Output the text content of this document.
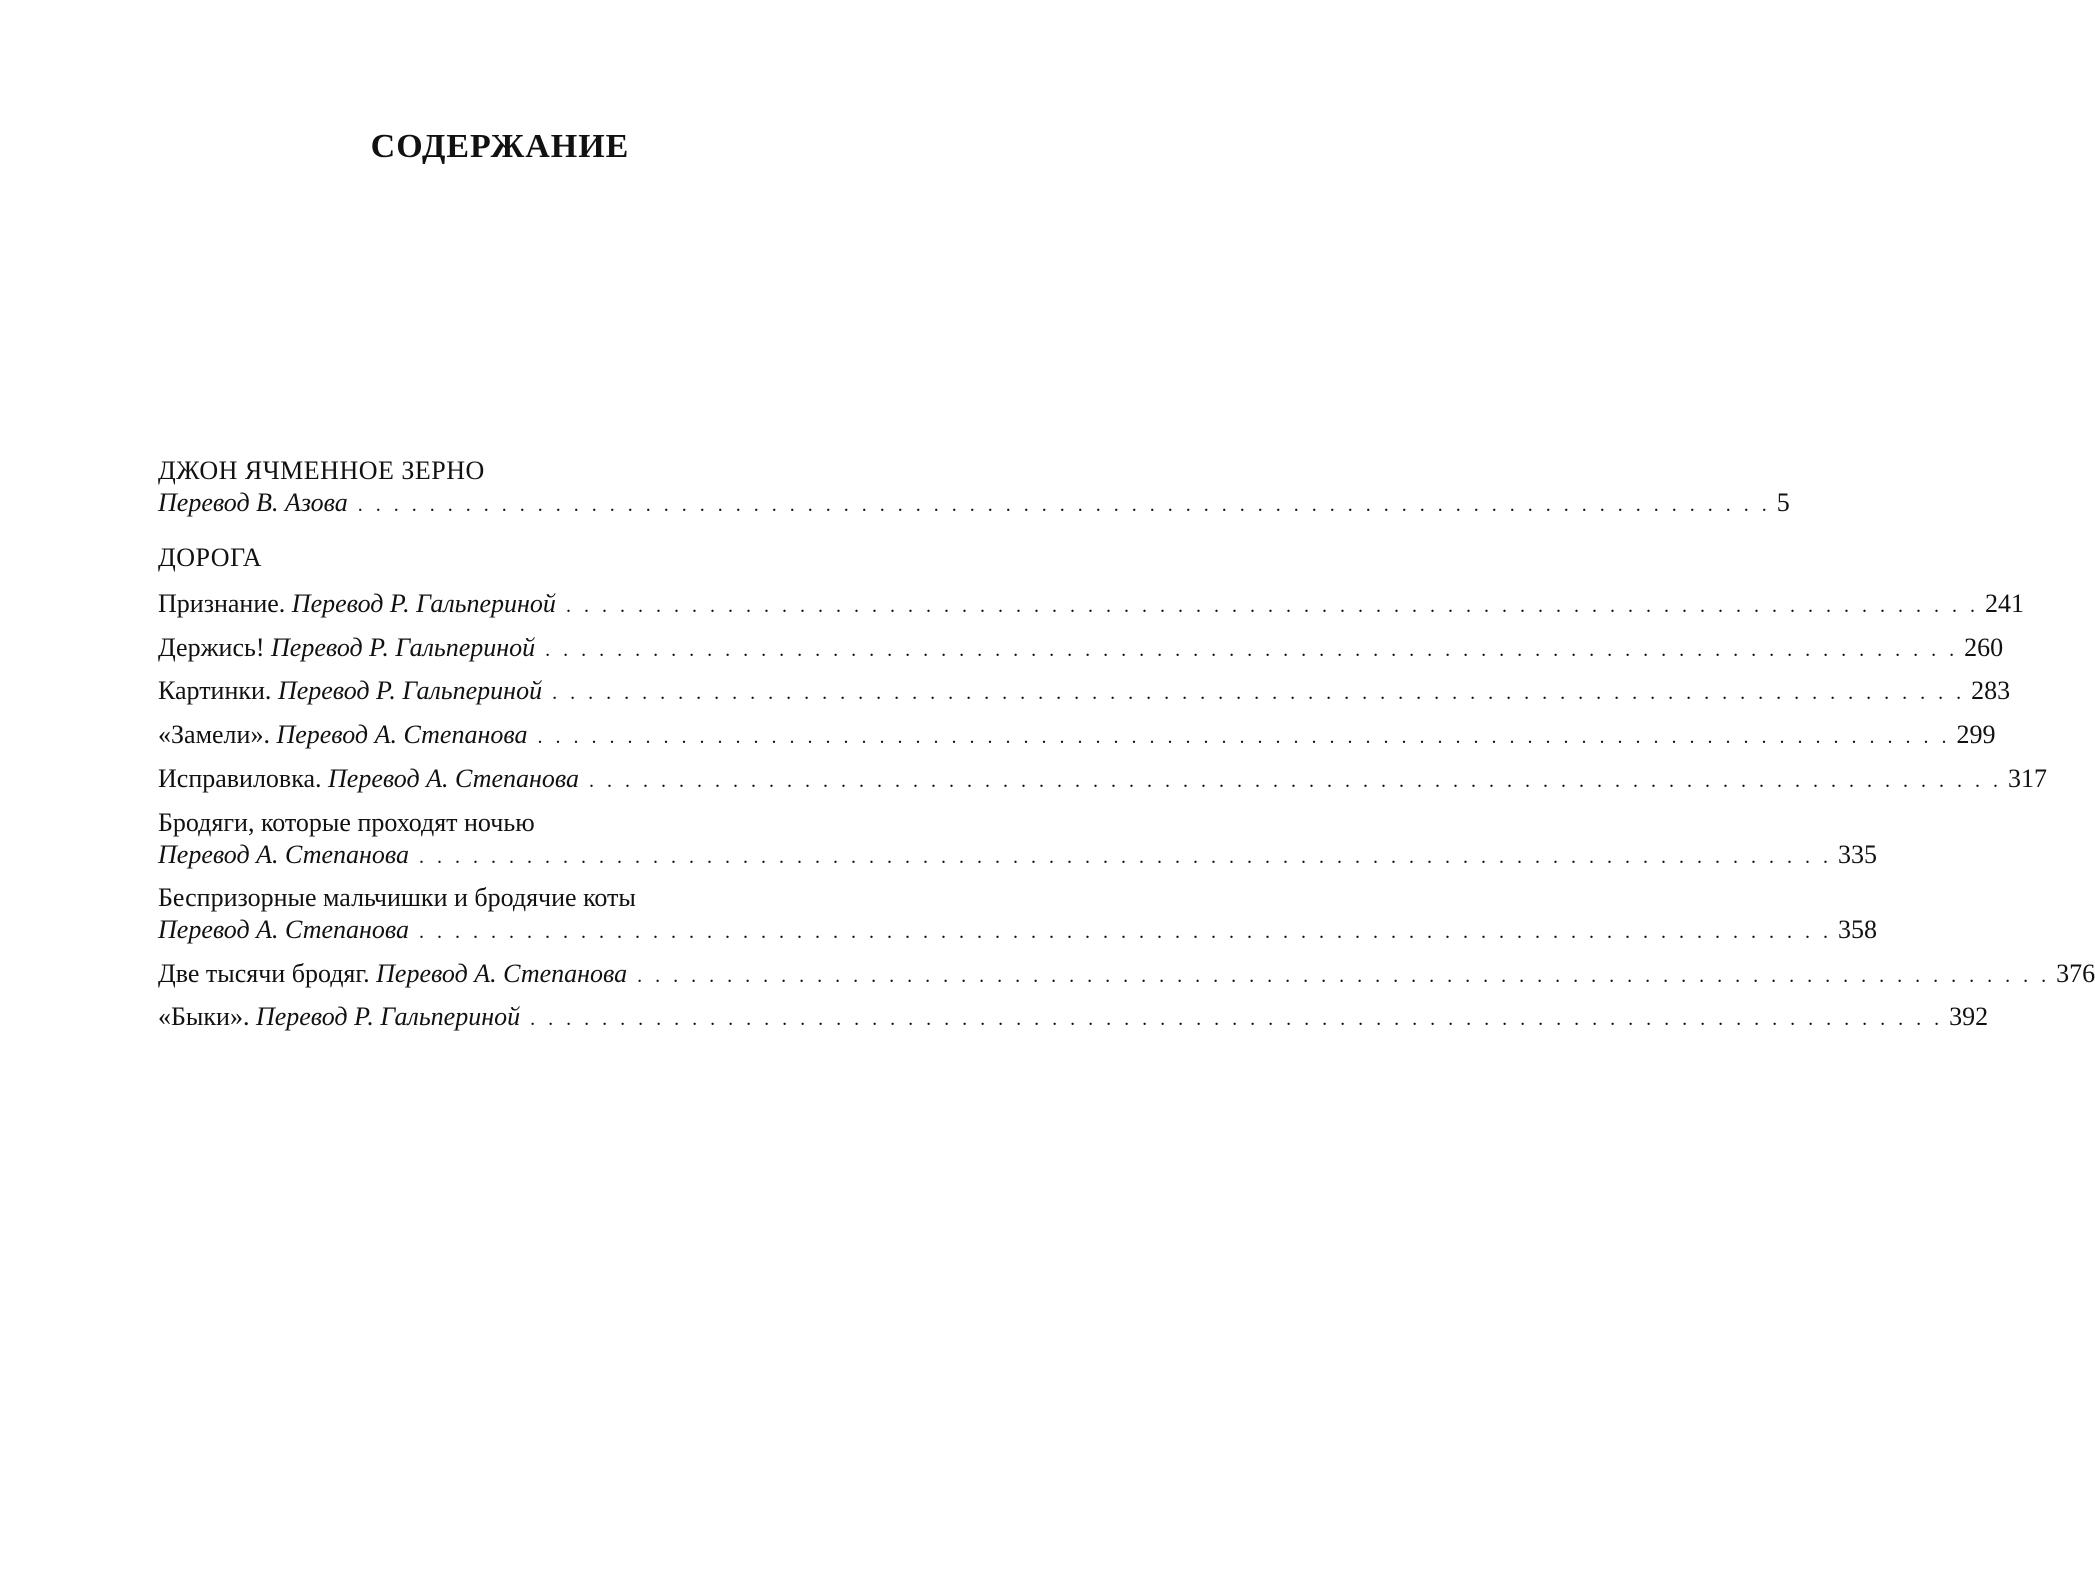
СОДЕРЖАНИЕ
ДЖОН ЯЧМЕННОЕ ЗЕРНО
Перевод В. Азова . . . . . . . . . . . . . . . . . . . . . . . . . . . . . . . . . . . . . . . . . . . . . . . . . . . . . . . . . . . . . . . . . . . . . . . . . . . . . . . 5
ДОРОГА
Признание. Перевод Р. Гальпериной . . . . . . . . . . . . . . . . . . . . . . . . . . . . . . . . . . . . . . . . . . . . . . . . . . . . . . . . . . . . . . . . . . . . . . . . . . . . . . . 241
Держись! Перевод Р. Гальпериной . . . . . . . . . . . . . . . . . . . . . . . . . . . . . . . . . . . . . . . . . . . . . . . . . . . . . . . . . . . . . . . . . . . . . . . . . . . . . . . 260
Картинки. Перевод Р. Гальпериной . . . . . . . . . . . . . . . . . . . . . . . . . . . . . . . . . . . . . . . . . . . . . . . . . . . . . . . . . . . . . . . . . . . . . . . . . . . . . . . 283
«Замели». Перевод А. Степанова . . . . . . . . . . . . . . . . . . . . . . . . . . . . . . . . . . . . . . . . . . . . . . . . . . . . . . . . . . . . . . . . . . . . . . . . . . . . . . . 299
Исправиловка. Перевод А. Степанова . . . . . . . . . . . . . . . . . . . . . . . . . . . . . . . . . . . . . . . . . . . . . . . . . . . . . . . . . . . . . . . . . . . . . . . . . . . . . . . 317
Бродяги, которые проходят ночью
Перевод А. Степанова . . . . . . . . . . . . . . . . . . . . . . . . . . . . . . . . . . . . . . . . . . . . . . . . . . . . . . . . . . . . . . . . . . . . . . . . . . . . . . . 335
Беспризорные мальчишки и бродячие коты
Перевод А. Степанова . . . . . . . . . . . . . . . . . . . . . . . . . . . . . . . . . . . . . . . . . . . . . . . . . . . . . . . . . . . . . . . . . . . . . . . . . . . . . . . 358
Две тысячи бродяг. Перевод А. Степанова . . . . . . . . . . . . . . . . . . . . . . . . . . . . . . . . . . . . . . . . . . . . . . . . . . . . . . . . . . . . . . . . . . . . . . . . . . . . . . . 376
«Быки». Перевод Р. Гальпериной . . . . . . . . . . . . . . . . . . . . . . . . . . . . . . . . . . . . . . . . . . . . . . . . . . . . . . . . . . . . . . . . . . . . . . . . . . . . . . . 392
